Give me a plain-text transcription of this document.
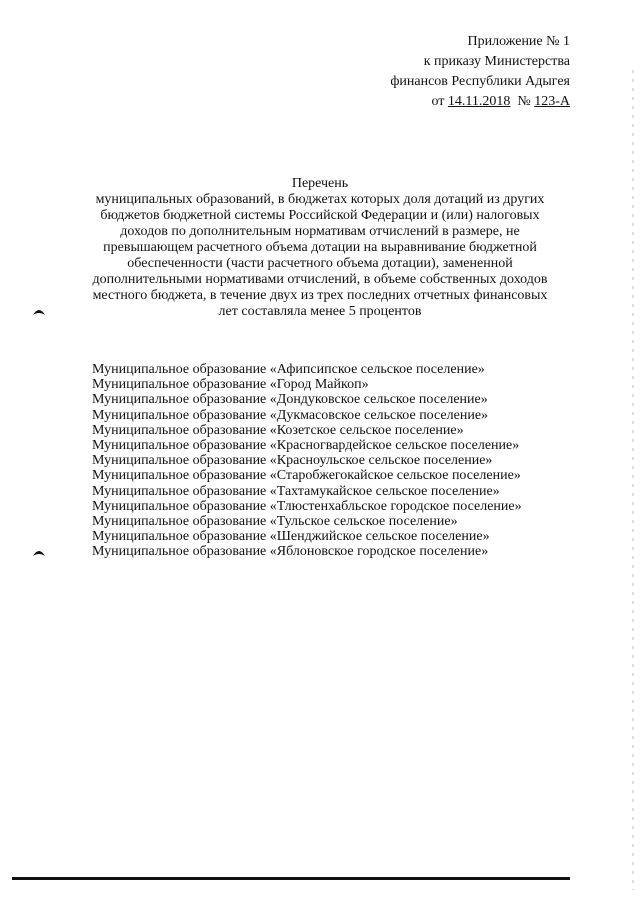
Приложение № 1
к приказу Министерства
финансов Республики Адыгея
от 14.11.2018 № 123-А
Перечень
муниципальных образований, в бюджетах которых доля дотаций из других
бюджетов бюджетной системы Российской Федерации и (или) налоговых
доходов по дополнительным нормативам отчислений в размере, не
превышающем расчетного объема дотации на выравнивание бюджетной
обеспеченности (части расчетного объема дотации), замененной
дополнительными нормативами отчислений, в объеме собственных доходов
местного бюджета, в течение двух из трех последних отчетных финансовых
лет составляла менее 5 процентов
Муниципальное образование «Афипсипское сельское поселение»
Муниципальное образование «Город Майкоп»
Муниципальное образование «Дондуковское сельское поселение»
Муниципальное образование «Дукмасовское сельское поселение»
Муниципальное образование «Козетское сельское поселение»
Муниципальное образование «Красногвардейское сельское поселение»
Муниципальное образование «Красноульское сельское поселение»
Муниципальное образование «Старобжегокайское сельское поселение»
Муниципальное образование «Тахтамукайское сельское поселение»
Муниципальное образование «Тлюстенхабльское городское поселение»
Муниципальное образование «Тульское сельское поселение»
Муниципальное образование «Шенджийское сельское поселение»
Муниципальное образование «Яблоновское городское поселение»
